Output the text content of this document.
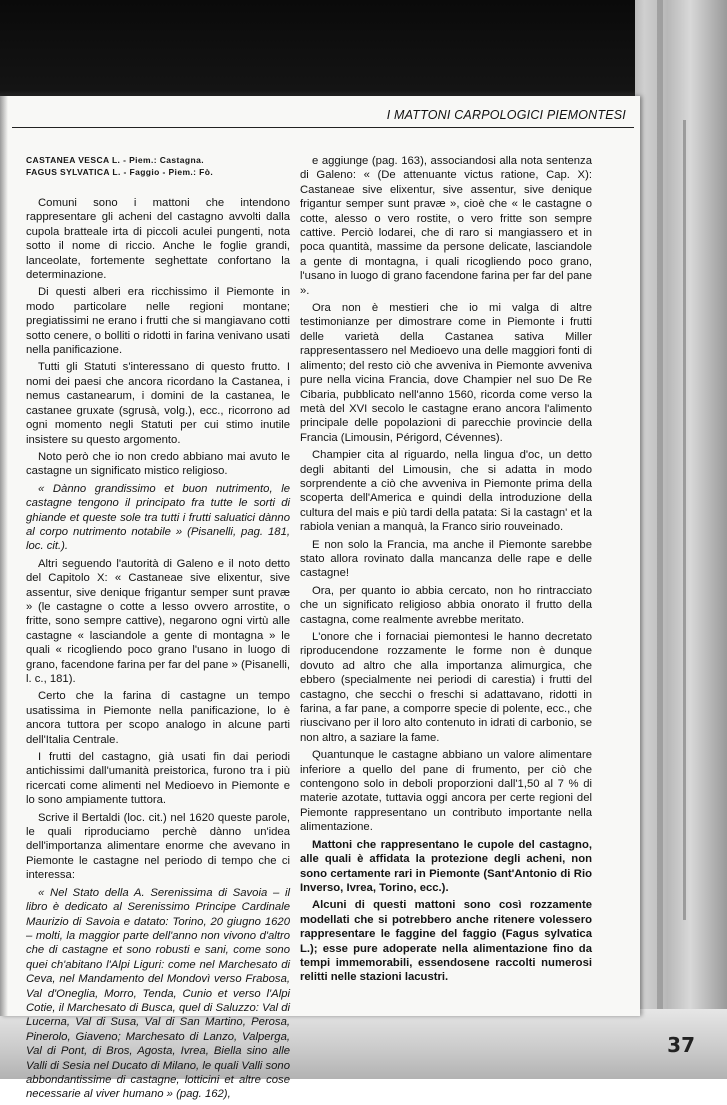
I MATTONI CARPOLOGICI PIEMONTESI
CASTANEA VESCA L. - Piem.: Castagna.
FAGUS SYLVATICA L. - Faggio - Piem.: Fò.

Comuni sono i mattoni che intendono rappresentare gli acheni del castagno avvolti dalla cupola bratteale irta di piccoli aculei pungenti, nota sotto il nome di riccio. Anche le foglie grandi, lanceolate, fortemente seghettate confortano la determinazione.

Di questi alberi era ricchissimo il Piemonte in modo particolare nelle regioni montane; pregiatissimi ne erano i frutti che si mangiavano cotti sotto cenere, o bolliti o ridotti in farina venivano usati nella panificazione.

Tutti gli Statuti s'interessano di questo frutto. I nomi dei paesi che ancora ricordano la Castanea, i nemus castanearum, i domini de la castanea, le castanee gruxate (sgrusà, volg.), ecc., ricorrono ad ogni momento negli Statuti per cui stimo inutile insistere su questo argomento.

Noto però che io non credo abbiano mai avuto le castagne un significato mistico religioso.

« Dànno grandissimo et buon nutrimento, le castagne tengono il principato fra tutte le sorti di ghiande et queste sole tra tutti i frutti saluatici dànno al corpo nutrimento notabile » (Pisanelli, pag. 181, loc. cit.).

Altri seguendo l'autorità di Galeno e il noto detto del Capitolo X: « Castaneae sive elixentur, sive assentur, sive denique frigantur semper sunt pravæ » (le castagne o cotte a lesso ovvero arrostite, o fritte, sono sempre cattive), negarono ogni virtù alle castagne « lasciandole a gente di montagna » le quali « ricogliendo poco grano l'usano in luogo di grano, facendone farina per far del pane » (Pisanelli, l. c., 181).

Certo che la farina di castagne un tempo usatissima in Piemonte nella panificazione, lo è ancora tuttora per scopo analogo in alcune parti dell'Italia Centrale.

I frutti del castagno, già usati fin dai periodi antichissimi dall'umanità preistorica, furono tra i più ricercati come alimenti nel Medioevo in Piemonte e lo sono ampiamente tuttora.

Scrive il Bertaldi (loc. cit.) nel 1620 queste parole, le quali riproduciamo perchè dànno un'idea dell'importanza alimentare enorme che avevano in Piemonte le castagne nel periodo di tempo che ci interessa:

« Nel Stato della A. Serenissima di Savoia – il libro è dedicato al Serenissimo Principe Cardinale Maurizio di Savoia e datato: Torino, 20 giugno 1620 – molti, la maggior parte dell'anno non vivono d'altro che di castagne et sono robusti e sani, come sono quei ch'abitano l'Alpi Liguri: come nel Marchesato di Ceva, nel Mandamento del Mondovì verso Frabosa, Val d'Oneglia, Morro, Tenda, Cunio et verso l'Alpi Cotie, il Marchesato di Busca, quel di Saluzzo: Val di Lucerna, Val di Susa, Val di San Martino, Perosa, Pinerolo, Giaveno; Marchesato di Lanzo, Valperga, Val di Pont, di Bros, Agosta, Ivrea, Biella sino alle Valli di Sesia nel Ducato di Milano, le quali Valli sono abbondantissime di castagne, lotticini et altre cose necessarie al viver humano » (pag. 162),

e aggiunge (pag. 163), associandosi alla nota sentenza di Galeno: « (De attenuante victus ratione, Cap. X): Castaneae sive elixentur, sive assentur, sive denique frigantur semper sunt pravæ », cioè che « le castagne o cotte, alesso o vero rostite, o vero fritte son sempre cattive. Perciò lodarei, che di raro si mangiassero et in poca quantità, massime da persone delicate, lasciandole a gente di montagna, i quali ricogliendo poco grano, l'usano in luogo di grano facendone farina per far del pane ».

Ora non è mestieri che io mi valga di altre testimonianze per dimostrare come in Piemonte i frutti delle varietà della Castanea sativa Miller rappresentassero nel Medioevo una delle maggiori fonti di alimento; del resto ciò che avveniva in Piemonte avveniva pure nella vicina Francia, dove Champier nel suo De Re Cibaria, pubblicato nell'anno 1560, ricorda come verso la metà del XVI secolo le castagne erano ancora l'alimento principale delle popolazioni di parecchie provincie della Francia (Limousin, Périgord, Cévennes).

Champier cita al riguardo, nella lingua d'oc, un detto degli abitanti del Limousin, che si adatta in modo sorprendente a ciò che avveniva in Piemonte prima della scoperta dell'America e quindi della introduzione della cultura del mais e più tardi della patata: Si la castagn' et la rabiola venian a manquà, la Franco sirio rouveinado.

E non solo la Francia, ma anche il Piemonte sarebbe stato allora rovinato dalla mancanza delle rape e delle castagne!

Ora, per quanto io abbia cercato, non ho rintracciato che un significato religioso abbia onorato il frutto della castagna, come realmente avrebbe meritato.

L'onore che i fornaciai piemontesi le hanno decretato riproducendone rozzamente le forme non è dunque dovuto ad altro che alla importanza alimurgica, che ebbero (specialmente nei periodi di carestia) i frutti del castagno, che secchi o freschi si adattavano, ridotti in farina, a far pane, a comporre specie di polente, ecc., che riuscivano per il loro alto contenuto in idrati di carbonio, se non altro, a saziare la fame.

Quantunque le castagne abbiano un valore alimentare inferiore a quello del pane di frumento, per ciò che contengono solo in deboli proporzioni dall'1,50 al 7 % di materie azotate, tuttavia oggi ancora per certe regioni del Piemonte rappresentano un contributo importante nella alimentazione.

Mattoni che rappresentano le cupole del castagno, alle quali è affidata la protezione degli acheni, non sono certamente rari in Piemonte (Sant'Antonio di Rio Inverso, Ivrea, Torino, ecc.).

Alcuni di questi mattoni sono così rozzamente modellati che si potrebbero anche ritenere volessero rappresentare le faggine del faggio (Fagus sylvatica L.); esse pure adoperate nella alimentazione fino da tempi immemorabili, essendosene raccolti numerosi relitti nelle stazioni lacustri.

37
